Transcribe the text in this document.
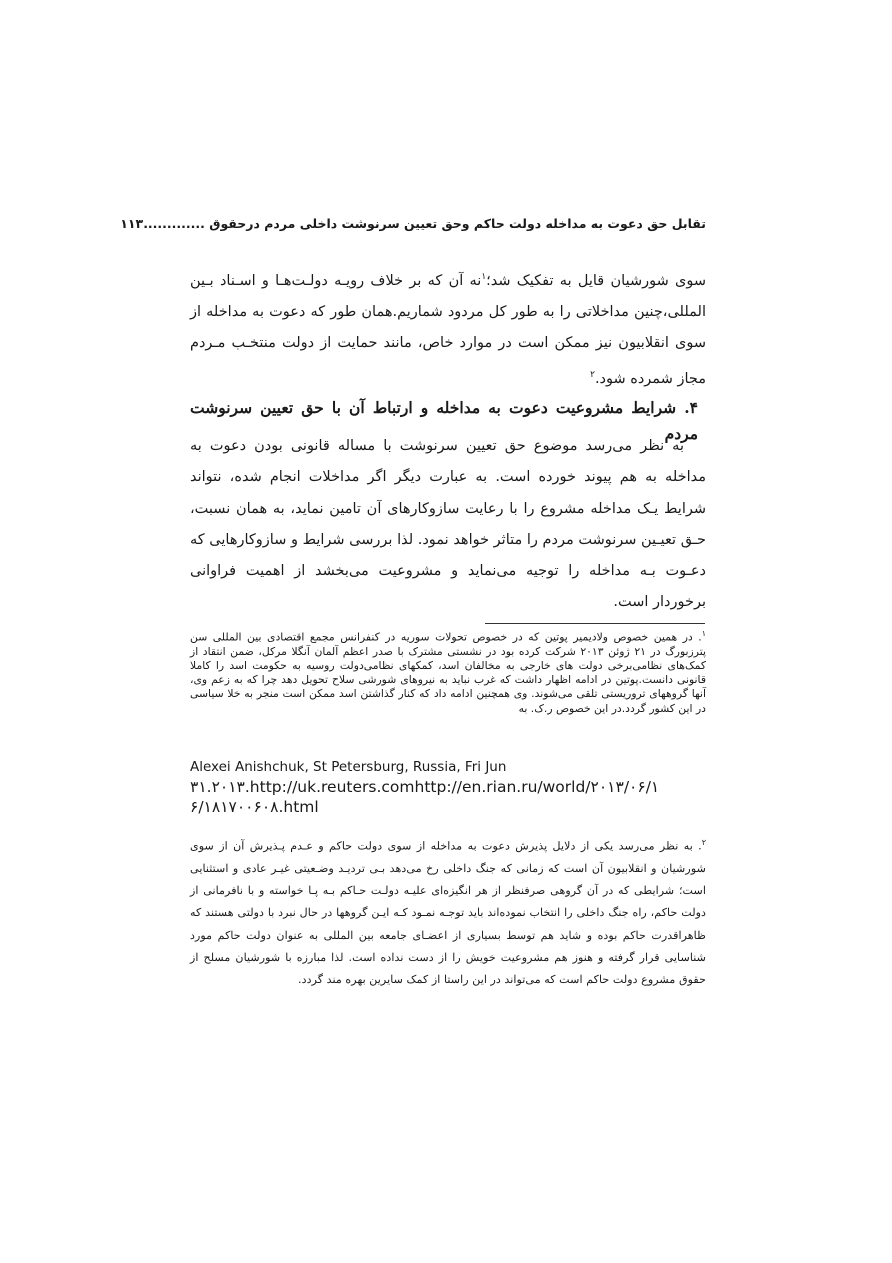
تقابل حق دعوت به مداخله دولت حاکم وحق تعیین سرنوشت داخلی مردم درحقوق .............۱۱۳
سوی شورشیان قایل به تفکیک شد؛$^۱$نه آن که بر خلاف رویـه دولـت‌هـا و اسـناد بـین المللی،چنین مداخلاتی را به طور کل مردود شماریم.همان طور که دعوت به مداخله از سوی انقلابیون نیز ممکن است در موارد خاص، مانند حمایت از دولت منتخـب مـردم مجاز شمرده شود.$^۲$
۴. شرایط مشروعیت دعوت به مداخله و ارتباط آن با حق تعیین سرنوشت مردم
به نظر می‌رسد موضوع حق تعیین سرنوشت با مساله قانونی بودن دعوت به مداخله به هم پیوند خورده است. به عبارت دیگر اگر مداخلات انجام شده، نتواند شرایط یـک مداخله مشروع را با رعایت سازوکارهای آن تامین نماید، به همان نسبت، حـق تعیـین سرنوشت مردم را متاثر خواهد نمود. لذا بررسی شرایط و سازوکارهایی که دعـوت بـه مداخله را توجیه می‌نماید و مشروعیت می‌بخشد از اهمیت فراوانی برخوردار است.
$^۱$. در همین خصوص ولادیمیر پوتین که در خصوص تحولات سوریه در کنفرانس مجمع اقتصادی بین المللی سن پترزبورگ در ۲۱ ژوئن ۲۰۱۳ شرکت کرده بود در نشستی مشترک با صدر اعظم آلمان آنگلا مرکل، ضمن انتقاد از کمک‌های نظامی‌برخی دولت های خارجی به مخالفان اسد، کمکهای نظامی‌دولت روسیه به حکومت اسد را کاملا قانونی دانست.پوتین در ادامه اظهار داشت که غرب نباید به نیروهای شورشی سلاح تحویل دهد چرا که به زعم وی، آنها گروههای تروریستی تلقی می‌شوند. وی همچنین ادامه داد که کنار گذاشتن اسد ممکن است منجر به خلا سیاسی در این کشور گردد.در این خصوص ر.ک. به
Alexei Anishchuk, St Petersburg, Russia, Fri Jun
۳۱.۲۰۱۳.http://uk.reuters.comhttp://en.rian.ru/world/۲۰۱۳/۰۶/۱
۶/۱۸۱۷۰۰۶۰۸.html
$^۲$. به نظر می‌رسد یکی از دلایل پذیرش دعوت به مداخله از سوی دولت حاکم و عـدم پـذیرش آن از سوی شورشیان و انقلابیون آن است که زمانی که جنگ داخلی رخ می‌دهد بـی تردیـد وضـعیتی غیـر عادی و استثنایی است؛ شرایطی که در آن گروهی صرفنظر از هر انگیزه‌ای علیـه دولـت حـاکم بـه پـا خواسته و با نافرمانی از دولت حاکم، راه جنگ داخلی را انتخاب نموده‌اند باید توجـه نمـود کـه ایـن گروهها در حال نبرد با دولتی هستند که ظاهراقدرت حاکم بوده و شاید هم توسط بسیاری از اعضـای جامعه بین المللی به عنوان دولت حاکم مورد شناسایی قرار گرفته و هنوز هم مشروعیت خویش را از دست نداده است. لذا مبارزه با شورشیان مسلح از حقوق مشروع دولت حاکم است که می‌تواند در این راستا از کمک سایرین بهره مند گردد.
